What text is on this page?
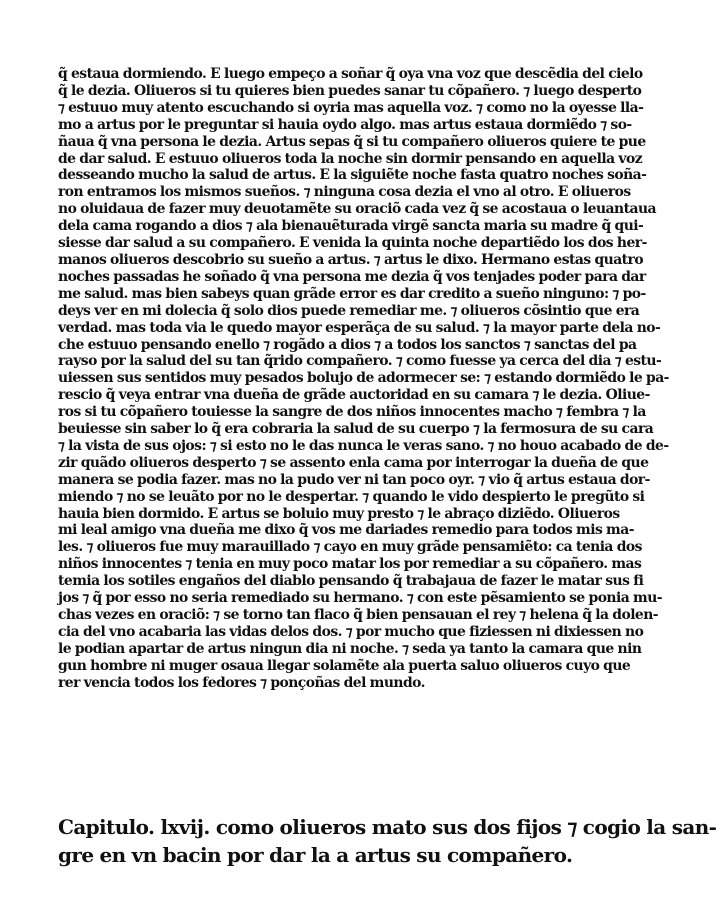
q̃ estaua dormiendo. E luego empeço a soñar q̃ oya vna voz que descẽdia del cielo
q̃ le dezia. Oliueros si tu quieres bien puedes sanar tu cõpañero. ⁊ luego desperto
⁊ estuuo muy atento escuchando si oyria mas aquella voz. ⁊ como no la oyesse lla-
mo a artus por le preguntar si hauia oydo algo. mas artus estaua dormiẽdo ⁊ so-
ñaua q̃ vna persona le dezia. Artus sepas q̃ si tu compañero oliueros quiere te pue
de dar salud. E estuuo oliueros toda la noche sin dormir pensando en aquella voz
desseando mucho la salud de artus. E la siguiẽte noche fasta quatro noches soña-
ron entramos los mismos sueños. ⁊ ninguna cosa dezia el vno al otro. E oliueros
no oluidaua de fazer muy deuotamẽte su oraciõ cada vez q̃ se acostaua o leuantaua
dela cama rogando a dios ⁊ ala bienauẽturada virgẽ sancta maria su madre q̃ qui-
siesse dar salud a su compañero. E venida la quinta noche departiẽdo los dos her-
manos oliueros descobrio su sueño a artus. ⁊ artus le dixo. Hermano estas quatro
noches passadas he soñado q̃ vna persona me dezia q̃ vos tenjades poder para dar
me salud. mas bien sabeys quan grãde error es dar credito a sueño ninguno: ⁊ po-
deys ver en mi dolecia q̃ solo dios puede remediar me. ⁊ oliueros cõsintio que era
verdad. mas toda via le quedo mayor esperãça de su salud. ⁊ la mayor parte dela no-
che estuuo pensando enello ⁊ rogãdo a dios ⁊ a todos los sanctos ⁊ sanctas del pa
rayso por la salud del su tan q̃rido compañero. ⁊ como fuesse ya cerca del dia ⁊ estu-
uiessen sus sentidos muy pesados bolujo de adormecer se: ⁊ estando dormiẽdo le pa-
rescio q̃ veya entrar vna dueña de grãde auctoridad en su camara ⁊ le dezia. Oliue-
ros si tu cõpañero touiesse la sangre de dos niños innocentes macho ⁊ fembra ⁊ la
beuiesse sin saber lo q̃ era cobraria la salud de su cuerpo ⁊ la fermosura de su cara
⁊ la vista de sus ojos: ⁊ si esto no le das nunca le veras sano. ⁊ no houo acabado de de-
zir quãdo oliueros desperto ⁊ se assento enla cama por interrogar la dueña de que
manera se podia fazer. mas no la pudo ver ni tan poco oyr. ⁊ vio q̃ artus estaua dor-
miendo ⁊ no se leuãto por no le despertar. ⁊ quando le vido despierto le pregũto si
hauia bien dormido. E artus se boluio muy presto ⁊ le abraço diziẽdo. Oliueros
mi leal amigo vna dueña me dixo q̃ vos me dariades remedio para todos mis ma-
les. ⁊ oliueros fue muy marauillado ⁊ cayo en muy grãde pensamiẽto: ca tenia dos
niños innocentes ⁊ tenia en muy poco matar los por remediar a su cõpañero. mas
temia los sotiles engaños del diablo pensando q̃ trabajaua de fazer le matar sus fi
jos ⁊ q̃ por esso no seria remediado su hermano. ⁊ con este pẽsamiento se ponia mu-
chas vezes en oraciõ: ⁊ se torno tan flaco q̃ bien pensauan el rey ⁊ helena q̃ la dolen-
cia del vno acabaria las vidas delos dos. ⁊ por mucho que fiziessen ni dixiessen no
le podian apartar de artus ningun dia ni noche. ⁊ seda ya tanto la camara que nin
gun hombre ni muger osaua llegar solamẽte ala puerta saluo oliueros cuyo que
rer vencia todos los fedores ⁊ ponçoñas del mundo.
Capitulo. lxvij. como oliueros mato sus dos fijos ⁊ cogio la san-
gre en vn bacin por dar la a artus su compañero.
